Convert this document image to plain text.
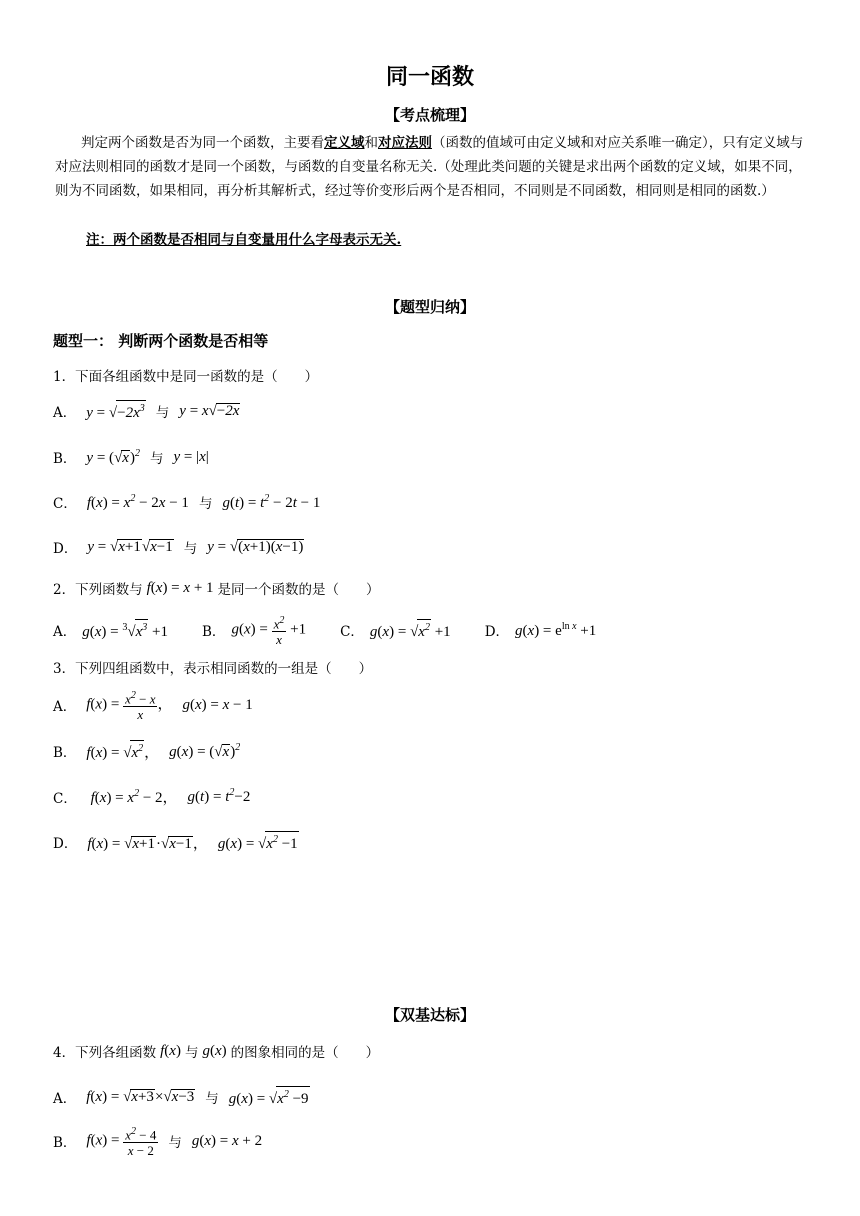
同一函数
【考点梳理】
判定两个函数是否为同一个函数，主要看定义域和对应法则（函数的值域可由定义域和对应关系唯一确定），只有定义域与对应法则相同的函数才是同一个函数，与函数的自变量名称无关.（处理此类问题的关键是求出两个函数的定义域，如果不同，则为不同函数，如果相同，再分析其解析式，经过等价变形后两个是否相同，不同则是不同函数，相同则是相同的函数.）
注：两个函数是否相同与自变量用什么字母表示无关.
【题型归纳】
题型一： 判断两个函数是否相等
1．下面各组函数中是同一函数的是（　　）
A． $y = √-2x^3$ 与 y = x√−2x
B． $y = (√x)^2$ 与 y = |x|
C． $f(x) = x^2 - 2x - 1$ 与 $g(t) = t^2 - 2t - 1$
D． y = √x+1√x−1 与 y = √(x+1)(x−1)
2．下列函数与 f(x) = x + 1 是同一个函数的是（　　）
A． $g(x) = ^3√x^3 +1$	B． $g(x) = \frac{x^2}{x} +1$	C． $g(x) = √x^2 +1$	D． $g(x) = e^{ln x} +1$
3．下列四组函数中，表示相同函数的一组是（　　）
A． $f(x) = \frac{x^2 - x}{x}$ ， g(x) = x − 1
B． $f(x) = √x^2$， $g(x) = (√x)^2$
C． $f(x) = x^2 - 2$， $g(t) = t^2-2$
D． f(x) = √x+1·√x−1， $g(x) = √x^2 -1$
【双基达标】
4．下列各组函数 f(x) 与 g(x) 的图象相同的是（　　）
A． f(x) = √x+3×√x−3 与 $g(x) = √x^2 -9$
B． $f(x) = \frac{x^2 - 4}{x - 2}$ 与 g(x) = x + 2
